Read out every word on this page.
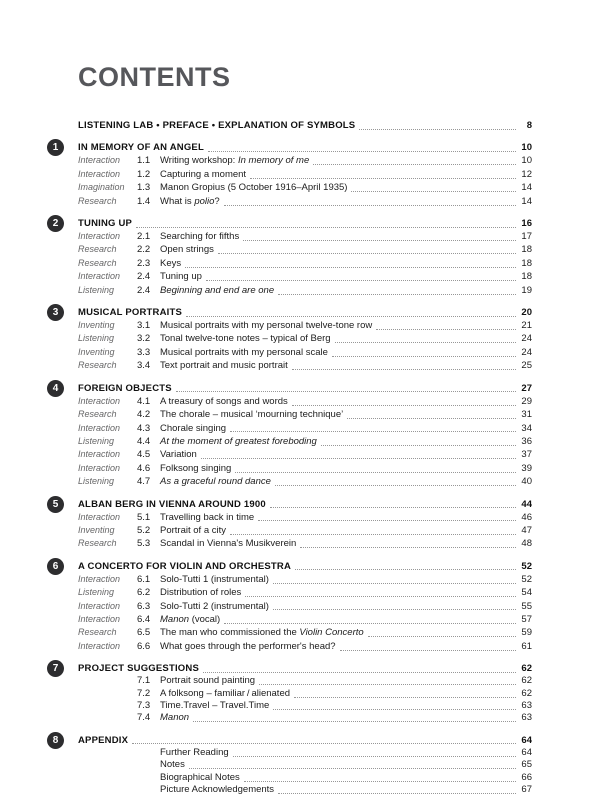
CONTENTS
LISTENING LAB • PREFACE • EXPLANATION OF SYMBOLS	8
1	IN MEMORY OF AN ANGEL	10
Interaction	1.1	Writing workshop: In memory of me	10
Interaction	1.2	Capturing a moment	12
Imagination	1.3	Manon Gropius (5 October 1916–April 1935)	14
Research	1.4	What is polio?	14
2	TUNING UP	16
Interaction	2.1	Searching for fifths	17
Research	2.2	Open strings	18
Research	2.3	Keys	18
Interaction	2.4	Tuning up	18
Listening	2.4	Beginning and end are one	19
3	MUSICAL PORTRAITS	20
Inventing	3.1	Musical portraits with my personal twelve-tone row	21
Listening	3.2	Tonal twelve-tone notes – typical of Berg	24
Inventing	3.3	Musical portraits with my personal scale	24
Research	3.4	Text portrait and music portrait	25
4	FOREIGN OBJECTS	27
Interaction	4.1	A treasury of songs and words	29
Research	4.2	The chorale – musical ‘mourning technique’	31
Interaction	4.3	Chorale singing	34
Listening	4.4	At the moment of greatest foreboding	36
Interaction	4.5	Variation	37
Interaction	4.6	Folksong singing	39
Listening	4.7	As a graceful round dance	40
5	ALBAN BERG IN VIENNA AROUND 1900	44
Interaction	5.1	Travelling back in time	46
Inventing	5.2	Portrait of a city	47
Research	5.3	Scandal in Vienna's Musikverein	48
6	A CONCERTO FOR VIOLIN AND ORCHESTRA	52
Interaction	6.1	Solo-Tutti 1 (instrumental)	52
Listening	6.2	Distribution of roles	54
Interaction	6.3	Solo-Tutti 2 (instrumental)	55
Interaction	6.4	Manon (vocal)	57
Research	6.5	The man who commissioned the Violin Concerto	59
Interaction	6.6	What goes through the performer's head?	61
7	PROJECT SUGGESTIONS	62
7.1	Portrait sound painting	62
7.2	A folksong – familiar / alienated	62
7.3	Time.Travel – Travel.Time	63
7.4	Manon	63
8	APPENDIX	64
Further Reading	64
Notes	65
Biographical Notes	66
Picture Acknowledgements	67
